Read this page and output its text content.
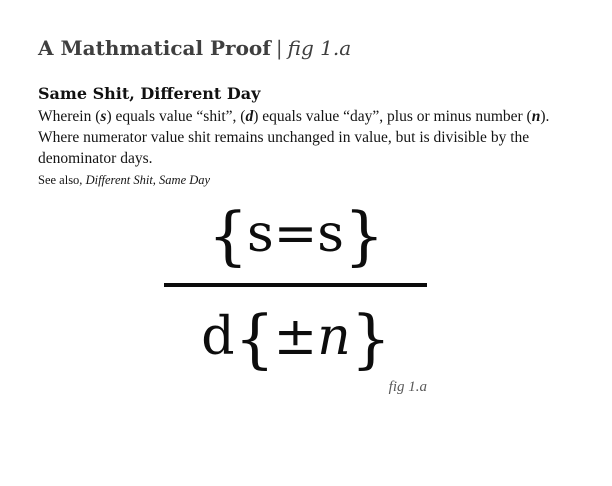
A Mathmatical Proof | fig 1.a
Same Shit, Different Day

Wherein (s) equals value “shit”, (d) equals value “day”, plus or minus number (n). Where numerator value shit remains unchanged in value, but is divisible by the denominator days.

See also, Different Shit, Same Day
{s=s}
d{±n}
fig 1.a
